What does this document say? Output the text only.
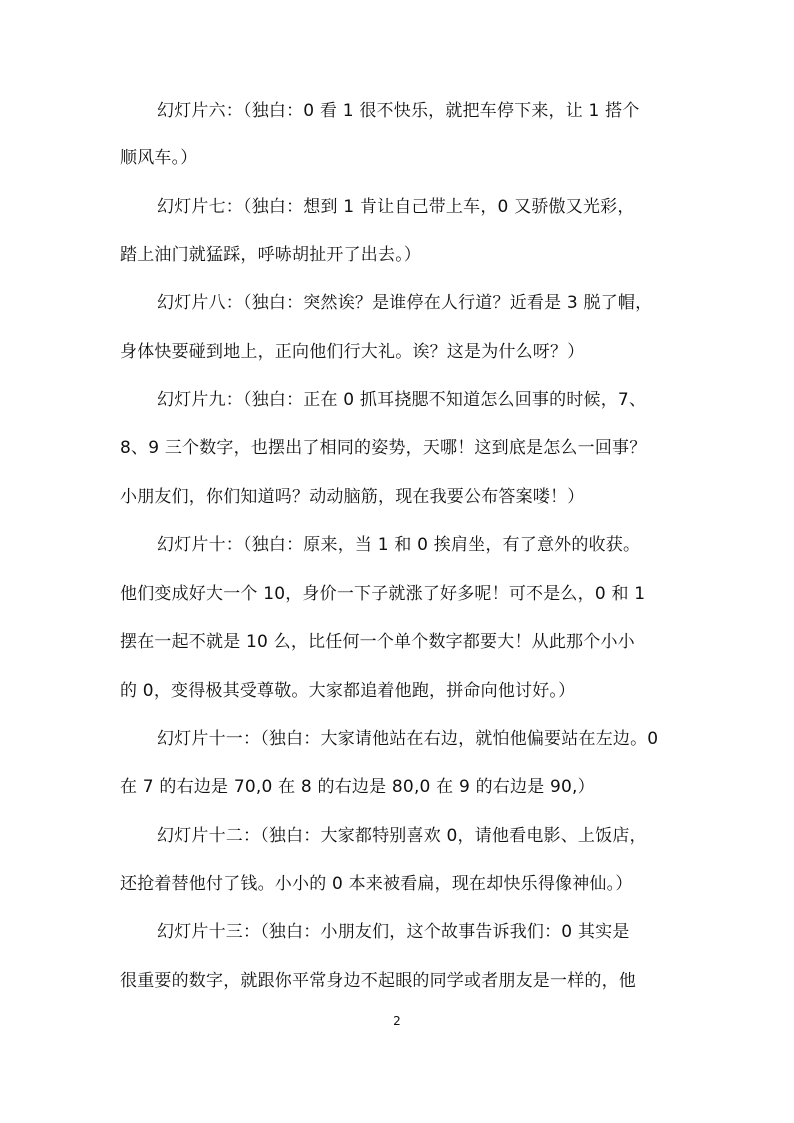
幻灯片六：（独白：0 看 1 很不快乐，就把车停下来，让 1 搭个
顺风车。）
幻灯片七：（独白：想到 1 肯让自己带上车，0 又骄傲又光彩，
踏上油门就猛踩，呼哧胡扯开了出去。）
幻灯片八：（独白：突然诶？是谁停在人行道？近看是 3 脱了帽，
身体快要碰到地上，正向他们行大礼。诶？这是为什么呀？）
幻灯片九：（独白：正在 0 抓耳挠腮不知道怎么回事的时候，7、
8、9 三个数字，也摆出了相同的姿势，天哪！这到底是怎么一回事？
小朋友们，你们知道吗？动动脑筋，现在我要公布答案喽！）
幻灯片十：（独白：原来，当 1 和 0 挨肩坐，有了意外的收获。
他们变成好大一个 10，身价一下子就涨了好多呢！可不是么，0 和 1
摆在一起不就是 10 么，比任何一个单个数字都要大！从此那个小小
的 0，变得极其受尊敬。大家都追着他跑，拼命向他讨好。）
幻灯片十一：（独白：大家请他站在右边，就怕他偏要站在左边。0
在 7 的右边是 70,0 在 8 的右边是 80,0 在 9 的右边是 90,）
幻灯片十二：（独白：大家都特别喜欢 0，请他看电影、上饭店，
还抢着替他付了钱。小小的 0 本来被看扁，现在却快乐得像神仙。）
幻灯片十三：（独白：小朋友们，这个故事告诉我们：0 其实是
很重要的数字，就跟你平常身边不起眼的同学或者朋友是一样的，他
2
